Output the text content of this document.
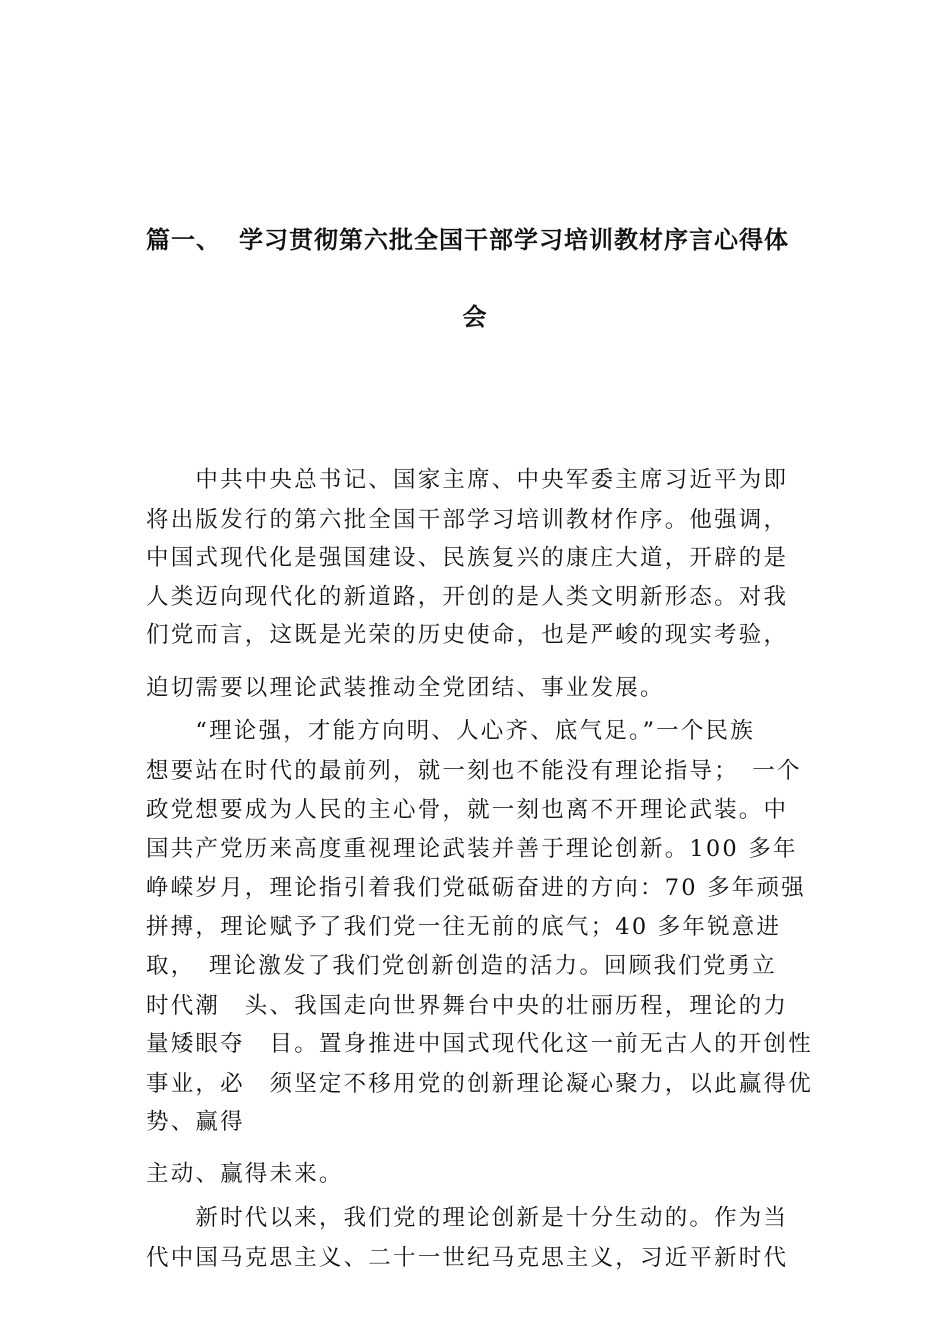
篇一、 学习贯彻第六批全国干部学习培训教材序言心得体
会
　　中共中央总书记、国家主席、中央军委主席习近平为即
将出版发行的第六批全国干部学习培训教材作序。他强调，
中国式现代化是强国建设、民族复兴的康庄大道，开辟的是
人类迈向现代化的新道路，开创的是人类文明新形态。对我
们党而言，这既是光荣的历史使命，也是严峻的现实考验，
迫切需要以理论武装推动全党团结、事业发展。
　　“理论强，才能方向明、人心齐、底气足。”一个民族
想要站在时代的最前列，就一刻也不能没有理论指导；　一个
政党想要成为人民的主心骨，就一刻也离不开理论武装。中
国共产党历来高度重视理论武装并善于理论创新。100 多年
峥嵘岁月，理论指引着我们党砥砺奋进的方向：70 多年顽强
拼搏，理论赋予了我们党一往无前的底气；40 多年锐意进
取，　理论激发了我们党创新创造的活力。回顾我们党勇立
时代潮　头、我国走向世界舞台中央的壮丽历程，理论的力
量矮眼夺　目。置身推进中国式现代化这一前无古人的开创性
事业，必　须坚定不移用党的创新理论凝心聚力，以此赢得优
势、赢得
主动、赢得未来。
　　新时代以来，我们党的理论创新是十分生动的。作为当
代中国马克思主义、二十一世纪马克思主义，习近平新时代
